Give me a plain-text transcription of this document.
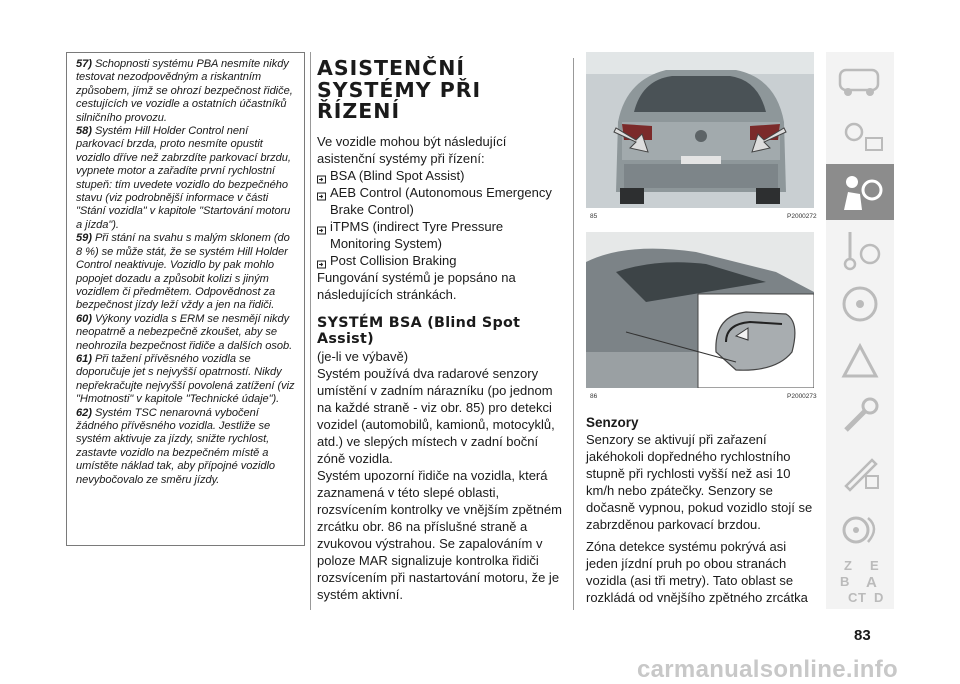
57) Schopnosti systému PBA nesmíte nikdy testovat nezodpovědným a riskantním způsobem, jímž se ohrozí bezpečnost řidiče, cestujících ve vozidle a ostatních účastníků silničního provozu.

58) Systém Hill Holder Control není parkovací brzda, proto nesmíte opustit vozidlo dříve než zabrzdíte parkovací brzdu, vypnete motor a zařadíte první rychlostní stupeň: tím uvedete vozidlo do bezpečného stavu (viz podrobnější informace v části "Stání vozidla" v kapitole "Startování motoru a jízda").

59) Při stání na svahu s malým sklonem (do 8 %) se může stát, že se systém Hill Holder Control neaktivuje. Vozidlo by pak mohlo popojet dozadu a způsobit kolizi s jiným vozidlem či předmětem. Odpovědnost za bezpečnost jízdy leží vždy a jen na řidiči.

60) Výkony vozidla s ERM se nesmějí nikdy neopatrně a nebezpečně zkoušet, aby se neohrozila bezpečnost řidiče a dalších osob.

61) Při tažení přívěsného vozidla se doporučuje jet s nejvyšší opatrností. Nikdy nepřekračujte nejvyšší povolená zatížení (viz "Hmotnosti" v kapitole "Technické údaje").

62) Systém TSC nenarovná vybočení žádného přívěsného vozidla. Jestliže se systém aktivuje za jízdy, snižte rychlost, zastavte vozidlo na bezpečném místě a umístěte náklad tak, aby přípojné vozidlo nevybočovalo ze směru jízdy.

ASISTENČNÍ
SYSTÉMY PŘI
ŘÍZENÍ

Ve vozidle mohou být následující asistenční systémy při řízení:

BSA (Blind Spot Assist)
AEB Control (Autonomous Emergency Brake Control)
iTPMS (indirect Tyre Pressure Monitoring System)
Post Collision Braking

Fungování systémů je popsáno na následujících stránkách.

SYSTÉM BSA (Blind Spot Assist)

(je-li ve výbavě)

Systém používá dva radarové senzory umístění v zadním nárazníku (po jednom na každé straně - viz obr. 85) pro detekci vozidel (automobilů, kamionů, motocyklů, atd.) ve slepých místech v zadní boční zóně vozidla.

Systém upozorní řidiče na vozidla, která zaznamená v této slepé oblasti, rozsvícením kontrolky ve vnějším zpětném zrcátku obr. 86 na příslušné straně a zvukovou výstrahou. Se zapalováním v poloze MAR signalizuje kontrolka řidiči rozsvícením při nastartování motoru, že je systém aktivní.

85	P2000272
86	P2000273

Senzory

Senzory se aktivují při zařazení jakéhokoli dopředného rychlostního stupně při rychlosti vyšší než asi 10 km/h nebo zpátečky. Senzory se dočasně vypnou, pokud vozidlo stojí se zabrzděnou parkovací brzdou.

Zóna detekce systému pokrývá asi jeden jízdní pruh po obou stranách vozidla (asi tři metry). Tato oblast se rozkládá od vnějšího zpětného zrcátka

Z E
B A
C T D
83
carmanualsonline.info
